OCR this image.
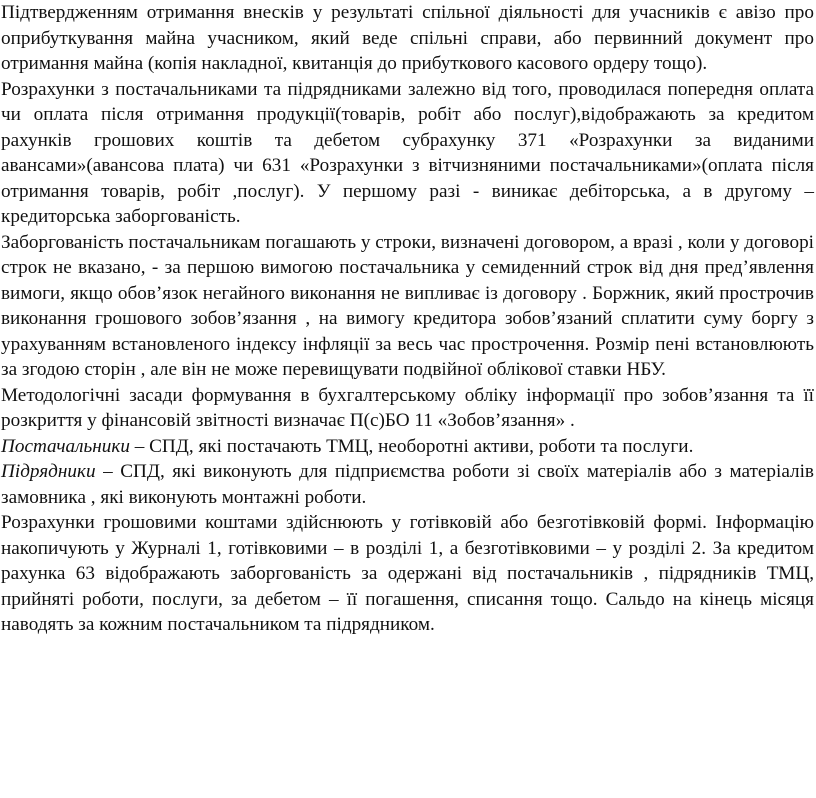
Підтвердженням отримання внесків у результаті спільної діяльності для учасників є авізо про оприбуткування майна учасником, який веде спільні справи, або первинний документ про отримання майна (копія накладної, квитанція до прибуткового касового ордеру тощо).

Розрахунки з постачальниками та підрядниками залежно від того, проводилася попередня оплата чи оплата після отримання продукції(товарів, робіт або послуг),відображають за кредитом рахунків грошових коштів та дебетом субрахунку 371 «Розрахунки за виданими авансами»(авансова плата) чи 631 «Розрахунки з вітчизняними постачальниками»(оплата після отримання товарів, робіт ,послуг). У першому разі - виникає дебіторська, а в другому – кредиторська заборгованість.

Заборгованість постачальникам погашають у строки, визначені договором, а вразі , коли у договорі строк не вказано, - за першою вимогою постачальника у семиденний строк від дня пред’явлення вимоги, якщо обов’язок негайного виконання не випливає із договору . Боржник, який прострочив виконання грошового зобов’язання , на вимогу кредитора зобов’язаний сплатити суму боргу з урахуванням встановленого індексу інфляції за весь час прострочення. Розмір пені встановлюють за згодою сторін , але він не може перевищувати подвійної облікової ставки НБУ.

Методологічні засади формування в бухгалтерському обліку інформації про зобов’язання та її розкриття у фінансовій звітності визначає П(с)БО 11 «Зобов’язання» .

Постачальники – СПД, які постачають ТМЦ, необоротні активи, роботи та послуги.

Підрядники – СПД, які виконують для підприємства роботи зі своїх матеріалів або з матеріалів замовника , які виконують монтажні роботи.

Розрахунки грошовими коштами здійснюють у готівковій або безготівковій формі. Інформацію накопичують у Журналі 1, готівковими – в розділі 1, а безготівковими – у розділі 2. За кредитом рахунка 63 відображають заборгованість за одержані від постачальників , підрядників ТМЦ, прийняті роботи, послуги, за дебетом – її погашення, списання тощо. Сальдо на кінець місяця наводять за кожним постачальником та підрядником.
